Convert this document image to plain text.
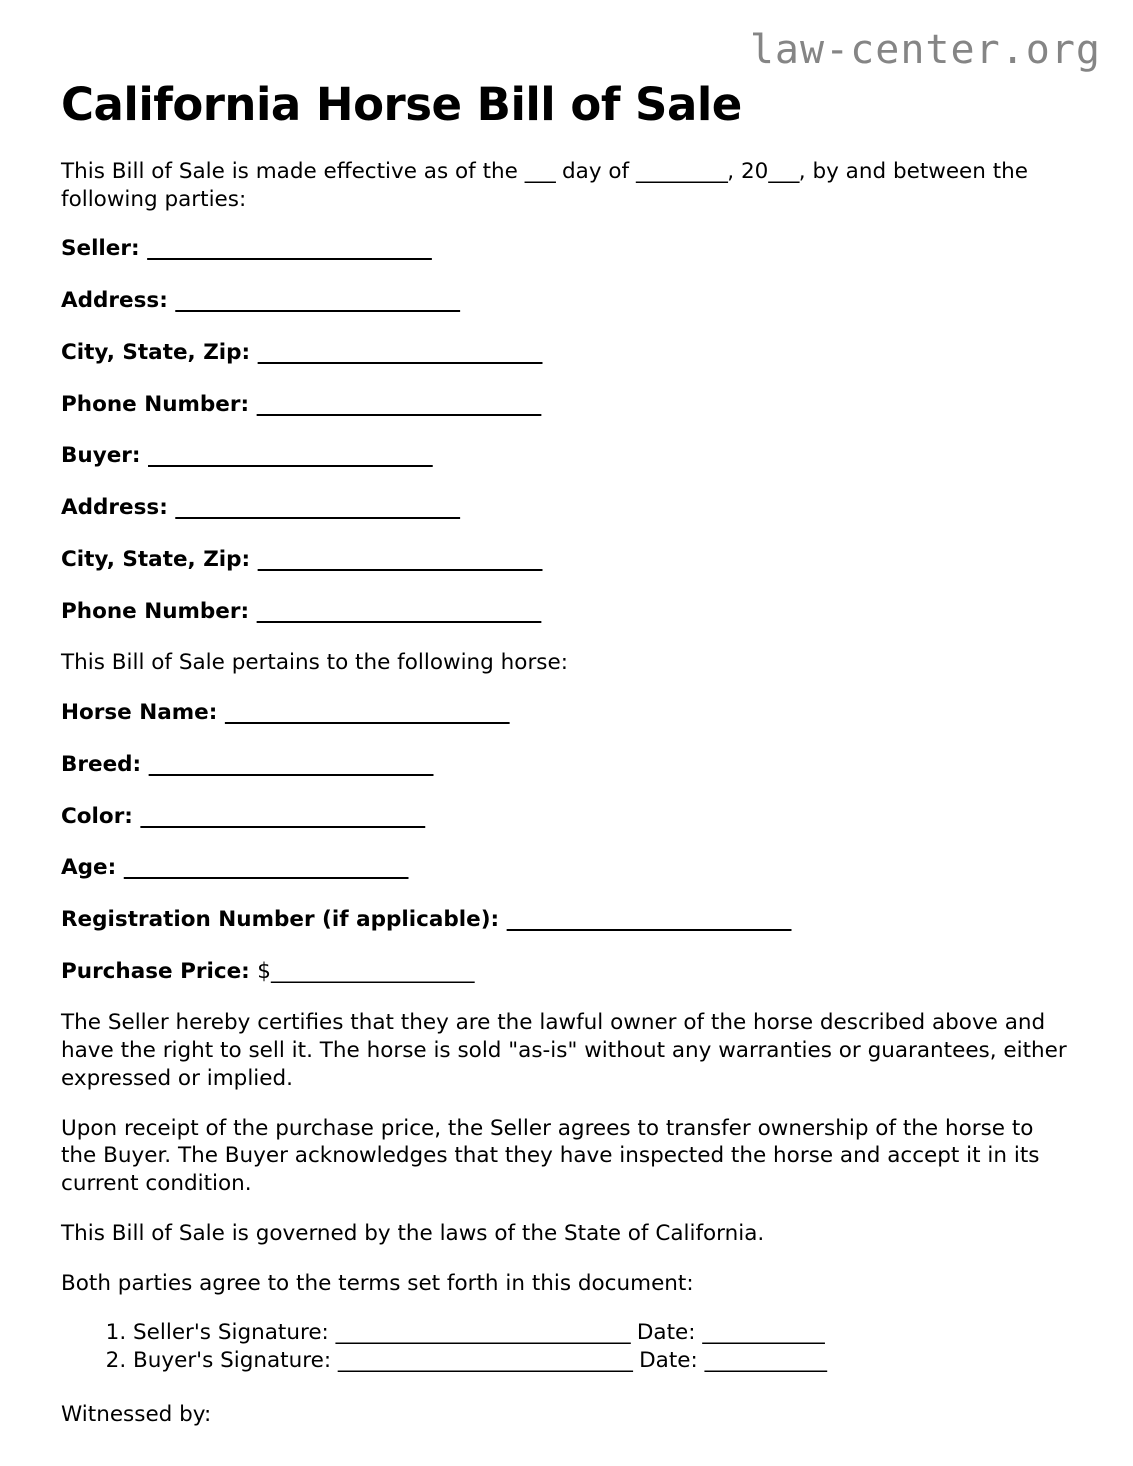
law-center.org
California Horse Bill of Sale

This Bill of Sale is made effective as of the ___ day of _________, 20___, by and between the following parties:

Seller: ____________________________

Address: ____________________________

City, State, Zip: ____________________________

Phone Number: ____________________________

Buyer: ____________________________

Address: ____________________________

City, State, Zip: ____________________________

Phone Number: ____________________________

This Bill of Sale pertains to the following horse:

Horse Name: ____________________________

Breed: ____________________________

Color: ____________________________

Age: ____________________________

Registration Number (if applicable): ____________________________

Purchase Price: $____________________

The Seller hereby certifies that they are the lawful owner of the horse described above and have the right to sell it. The horse is sold "as-is" without any warranties or guarantees, either expressed or implied.

Upon receipt of the purchase price, the Seller agrees to transfer ownership of the horse to the Buyer. The Buyer acknowledges that they have inspected the horse and accept it in its current condition.

This Bill of Sale is governed by the laws of the State of California.

Both parties agree to the terms set forth in this document:

1. Seller's Signature: _____________________________ Date: ____________
2. Buyer's Signature: _____________________________ Date: ____________

Witnessed by:
